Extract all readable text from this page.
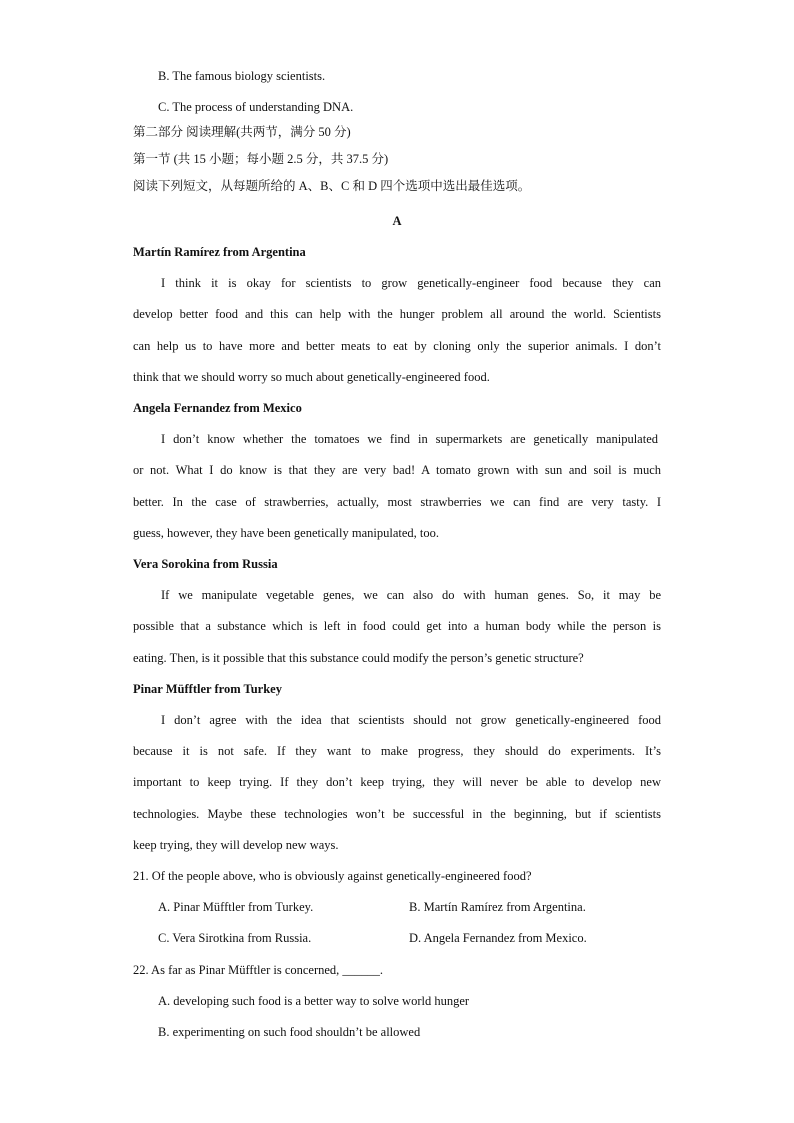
B. The famous biology scientists.
C. The process of understanding DNA.
第二部分 阅读理解(共两节，满分 50 分)
第一节 (共 15 小题；每小题 2.5 分，共 37.5 分)
阅读下列短文，从每题所给的 A、B、C 和 D 四个选项中选出最佳选项。
A
Martín Ramírez from Argentina
I think it is okay for scientists to grow genetically-engineer food because they can
develop better food and this can help with the hunger problem all around the world. Scientists
can help us to have more and better meats to eat by cloning only the superior animals. I don’t
think that we should worry so much about genetically-engineered food.
Angela Fernandez from Mexico
I don’t know whether the tomatoes we find in supermarkets are genetically manipulated
or not. What I do know is that they are very bad! A tomato grown with sun and soil is much
better. In the case of strawberries, actually, most strawberries we can find are very tasty. I
guess, however, they have been genetically manipulated, too.
Vera Sorokina from Russia
If we manipulate vegetable genes, we can also do with human genes. So, it may be
possible that a substance which is left in food could get into a human body while the person is
eating. Then, is it possible that this substance could modify the person’s genetic structure?
Pinar Müfftler from Turkey
I don’t agree with the idea that scientists should not grow genetically-engineered food
because it is not safe. If they want to make progress, they should do experiments. It’s
important to keep trying. If they don’t keep trying, they will never be able to develop new
technologies. Maybe these technologies won’t be successful in the beginning, but if scientists
keep trying, they will develop new ways.
21. Of the people above, who is obviously against genetically-engineered food?
A. Pinar Müfftler from Turkey.	B. Martín Ramírez from Argentina.
C. Vera Sirotkina from Russia.	D. Angela Fernandez from Mexico.
22. As far as Pinar Müfftler is concerned, ______.
A. developing such food is a better way to solve world hunger
B. experimenting on such food shouldn’t be allowed
